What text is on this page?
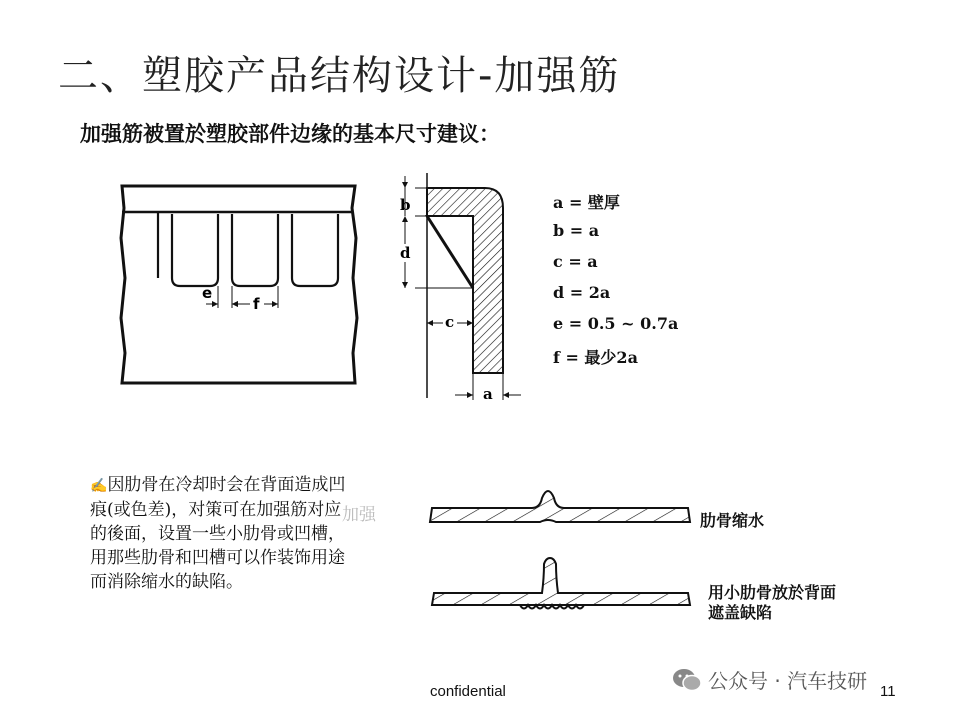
二、塑胶产品结构设计-加强筋
加强筋被置於塑胶部件边缘的基本尺寸建议：
e
f
b
d
c
a
a = 壁厚
b = a
c = a
d = 2a
e = 0.5 ~ 0.7a
f = 最少2a
加强
✍因肋骨在冷却时会在背面造成凹痕(或色差)，对策可在加强筋对应的後面，设置一些小肋骨或凹槽，用那些肋骨和凹槽可以作装饰用途而消除缩水的缺陷。
肋骨缩水
用小肋骨放於背面
遮盖缺陷
confidential	11
公众号 · 汽车技研
